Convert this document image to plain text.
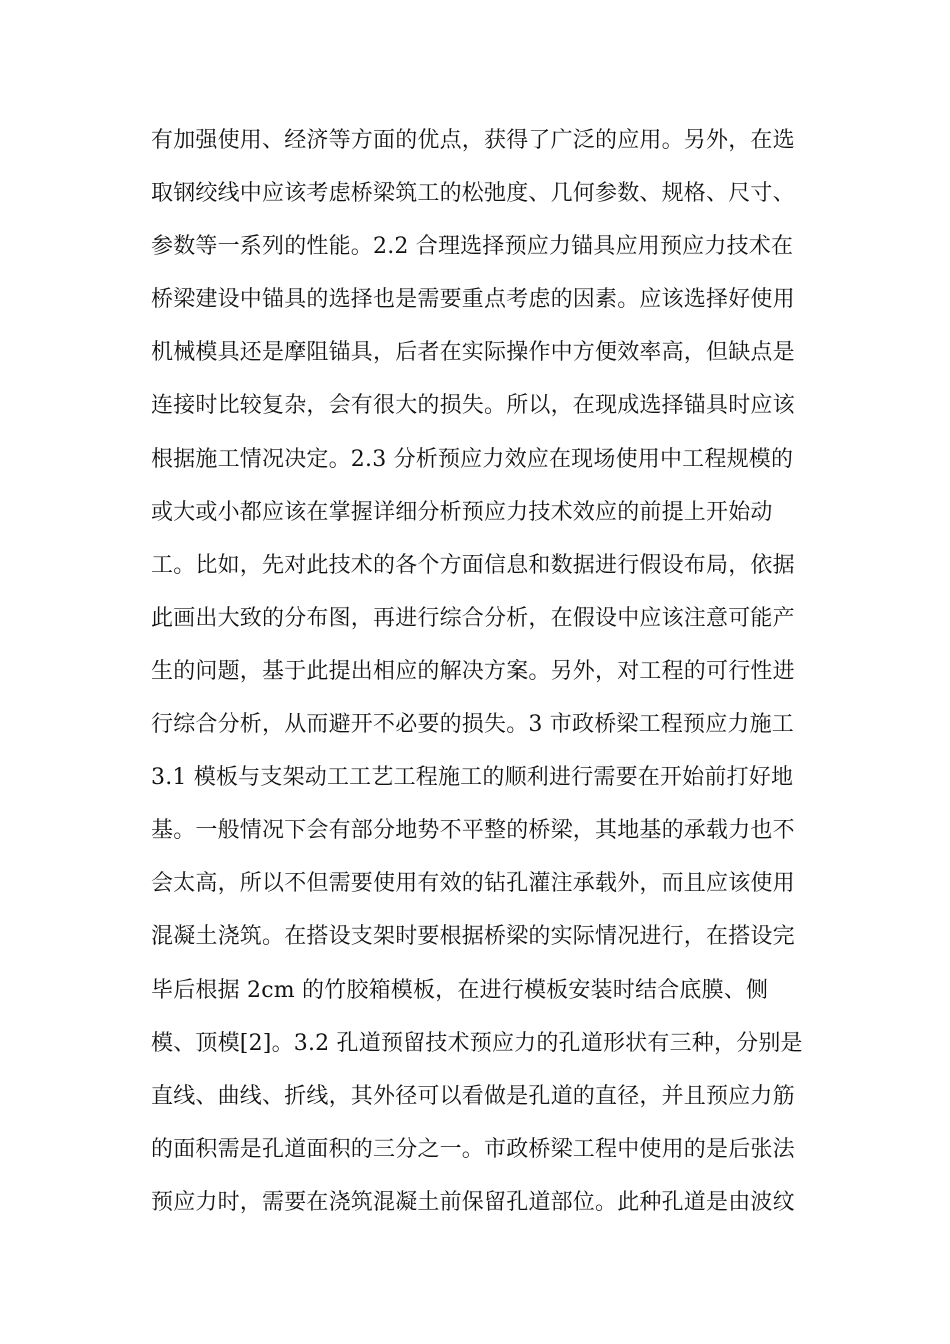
有加强使用、经济等方面的优点，获得了广泛的应用。另外，在选
取钢绞线中应该考虑桥梁筑工的松弛度、几何参数、规格、尺寸、
参数等一系列的性能。2.2 合理选择预应力锚具应用预应力技术在
桥梁建设中锚具的选择也是需要重点考虑的因素。应该选择好使用
机械模具还是摩阻锚具，后者在实际操作中方便效率高，但缺点是
连接时比较复杂，会有很大的损失。所以，在现成选择锚具时应该
根据施工情况决定。2.3 分析预应力效应在现场使用中工程规模的
或大或小都应该在掌握详细分析预应力技术效应的前提上开始动
工。比如，先对此技术的各个方面信息和数据进行假设布局，依据
此画出大致的分布图，再进行综合分析，在假设中应该注意可能产
生的问题，基于此提出相应的解决方案。另外，对工程的可行性进
行综合分析，从而避开不必要的损失。3 市政桥梁工程预应力施工
3.1 模板与支架动工工艺工程施工的顺利进行需要在开始前打好地
基。一般情况下会有部分地势不平整的桥梁，其地基的承载力也不
会太高，所以不但需要使用有效的钻孔灌注承载外，而且应该使用
混凝土浇筑。在搭设支架时要根据桥梁的实际情况进行，在搭设完
毕后根据 2cm 的竹胶箱模板，在进行模板安装时结合底膜、侧
模、顶模[2]。3.2 孔道预留技术预应力的孔道形状有三种，分别是
直线、曲线、折线，其外径可以看做是孔道的直径，并且预应力筋
的面积需是孔道面积的三分之一。市政桥梁工程中使用的是后张法
预应力时，需要在浇筑混凝土前保留孔道部位。此种孔道是由波纹
